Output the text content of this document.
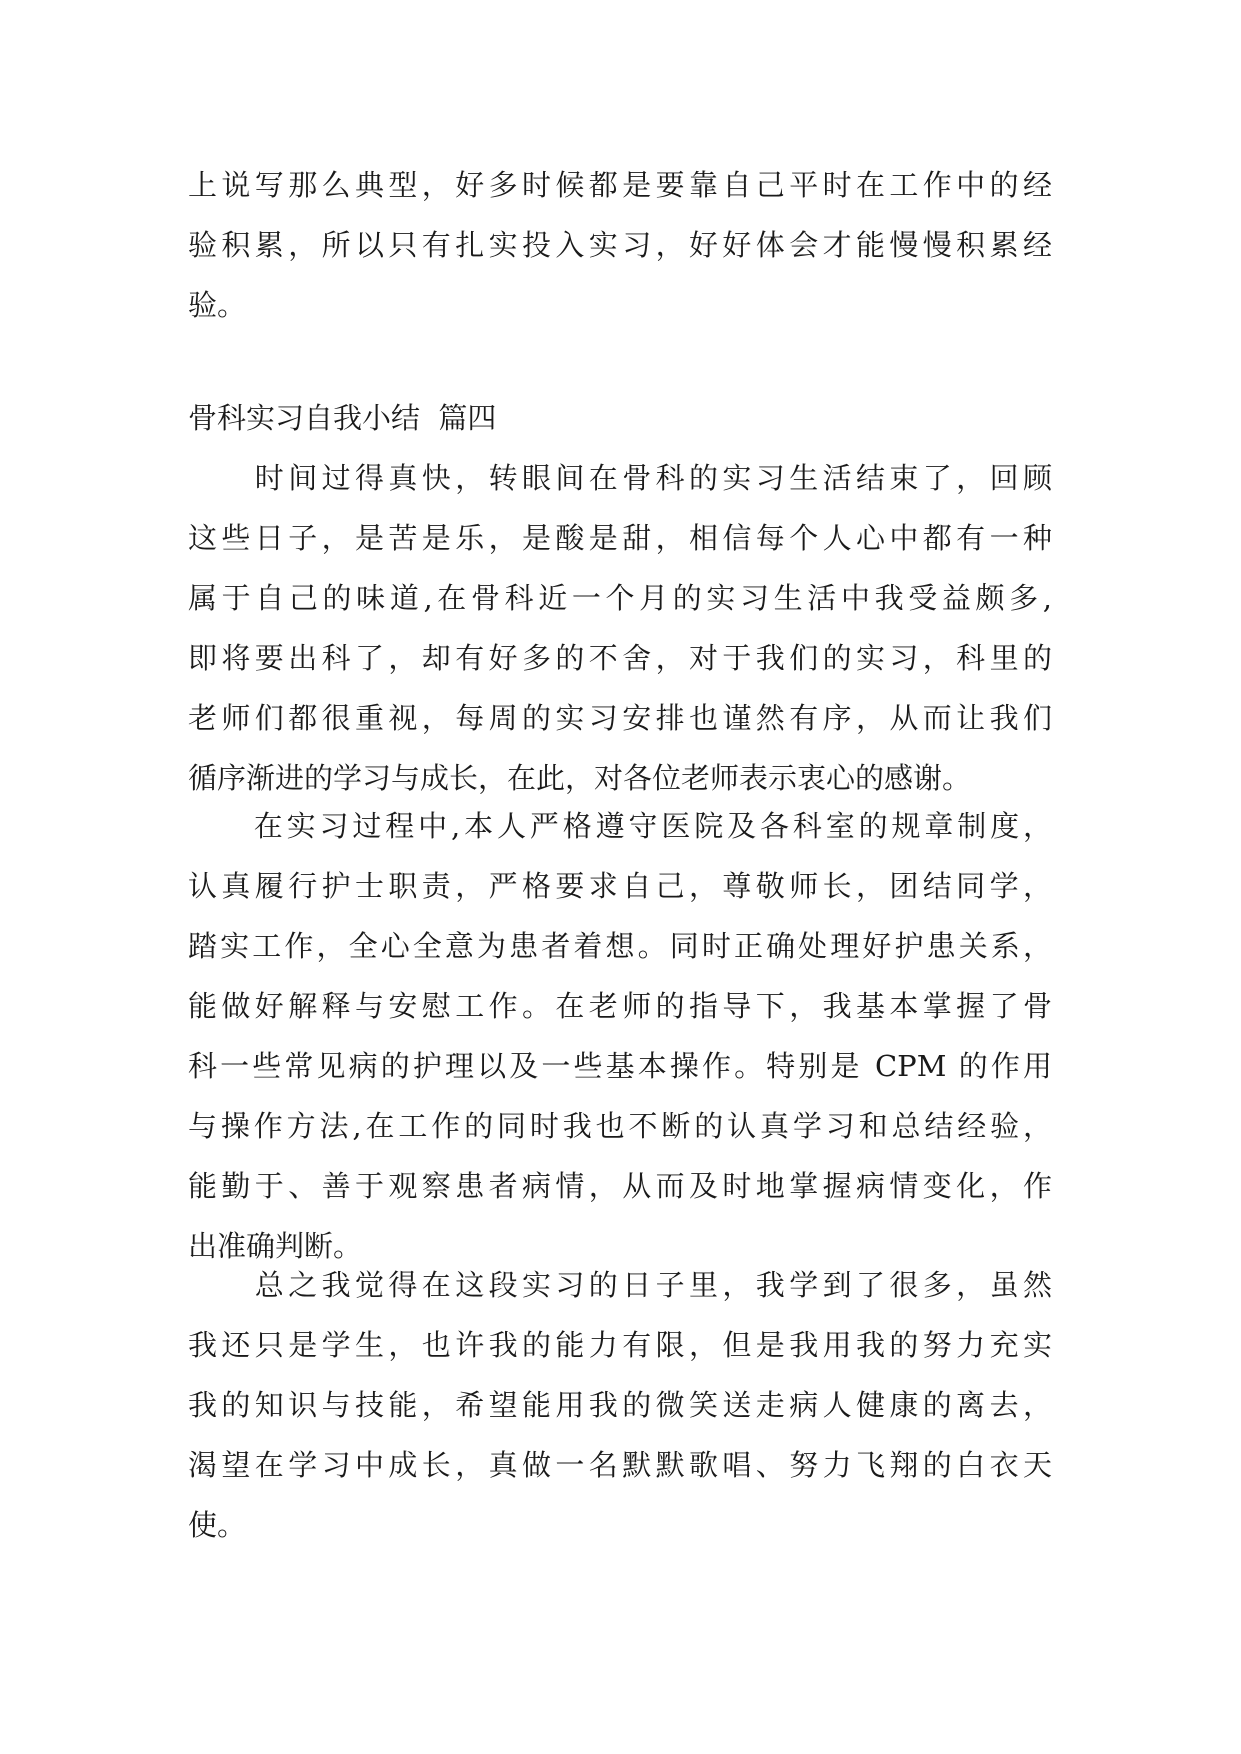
上说写那么典型，好多时候都是要靠自己平时在工作中的经
验积累，所以只有扎实投入实习，好好体会才能慢慢积累经
验。
骨科实习自我小结  篇四
　　时间过得真快，转眼间在骨科的实习生活结束了，回顾
这些日子，是苦是乐，是酸是甜，相信每个人心中都有一种
属于自己的味道,在骨科近一个月的实习生活中我受益颇多,
即将要出科了，却有好多的不舍，对于我们的实习，科里的
老师们都很重视，每周的实习安排也谨然有序，从而让我们
循序渐进的学习与成长，在此，对各位老师表示衷心的感谢。
　　在实习过程中,本人严格遵守医院及各科室的规章制度，
认真履行护士职责，严格要求自己，尊敬师长，团结同学，
踏实工作，全心全意为患者着想。同时正确处理好护患关系，
能做好解释与安慰工作。在老师的指导下，我基本掌握了骨
科一些常见病的护理以及一些基本操作。特别是 CPM 的作用
与操作方法,在工作的同时我也不断的认真学习和总结经验，
能勤于、善于观察患者病情，从而及时地掌握病情变化，作
出准确判断。
　　总之我觉得在这段实习的日子里，我学到了很多，虽然
我还只是学生，也许我的能力有限，但是我用我的努力充实
我的知识与技能，希望能用我的微笑送走病人健康的离去，
渴望在学习中成长，真做一名默默歌唱、努力飞翔的白衣天
使。
